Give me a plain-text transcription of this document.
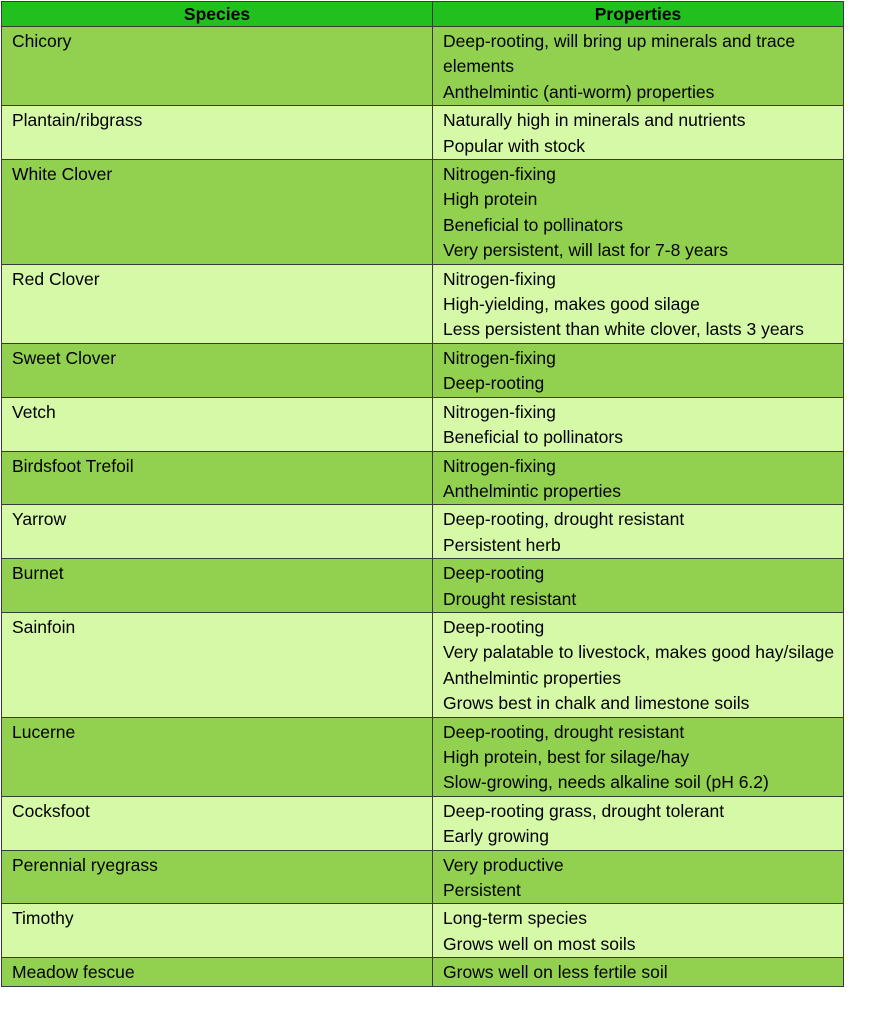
Species	Properties
Chicory	Deep-rooting, will bring up minerals and trace elements
Anthelmintic (anti-worm) properties

Plantain/ribgrass	Naturally high in minerals and nutrients
Popular with stock

White Clover	Nitrogen-fixing
High protein
Beneficial to pollinators
Very persistent, will last for 7-8 years

Red Clover	Nitrogen-fixing
High-yielding, makes good silage
Less persistent than white clover, lasts 3 years

Sweet Clover	Nitrogen-fixing
Deep-rooting

Vetch	Nitrogen-fixing
Beneficial to pollinators

Birdsfoot Trefoil	Nitrogen-fixing
Anthelmintic properties

Yarrow	Deep-rooting, drought resistant
Persistent herb

Burnet	Deep-rooting
Drought resistant

Sainfoin	Deep-rooting
Very palatable to livestock, makes good hay/silage
Anthelmintic properties
Grows best in chalk and limestone soils

Lucerne	Deep-rooting, drought resistant
High protein, best for silage/hay
Slow-growing, needs alkaline soil (pH 6.2)

Cocksfoot	Deep-rooting grass, drought tolerant
Early growing

Perennial ryegrass	Very productive
Persistent

Timothy	Long-term species
Grows well on most soils

Meadow fescue	Grows well on less fertile soil
